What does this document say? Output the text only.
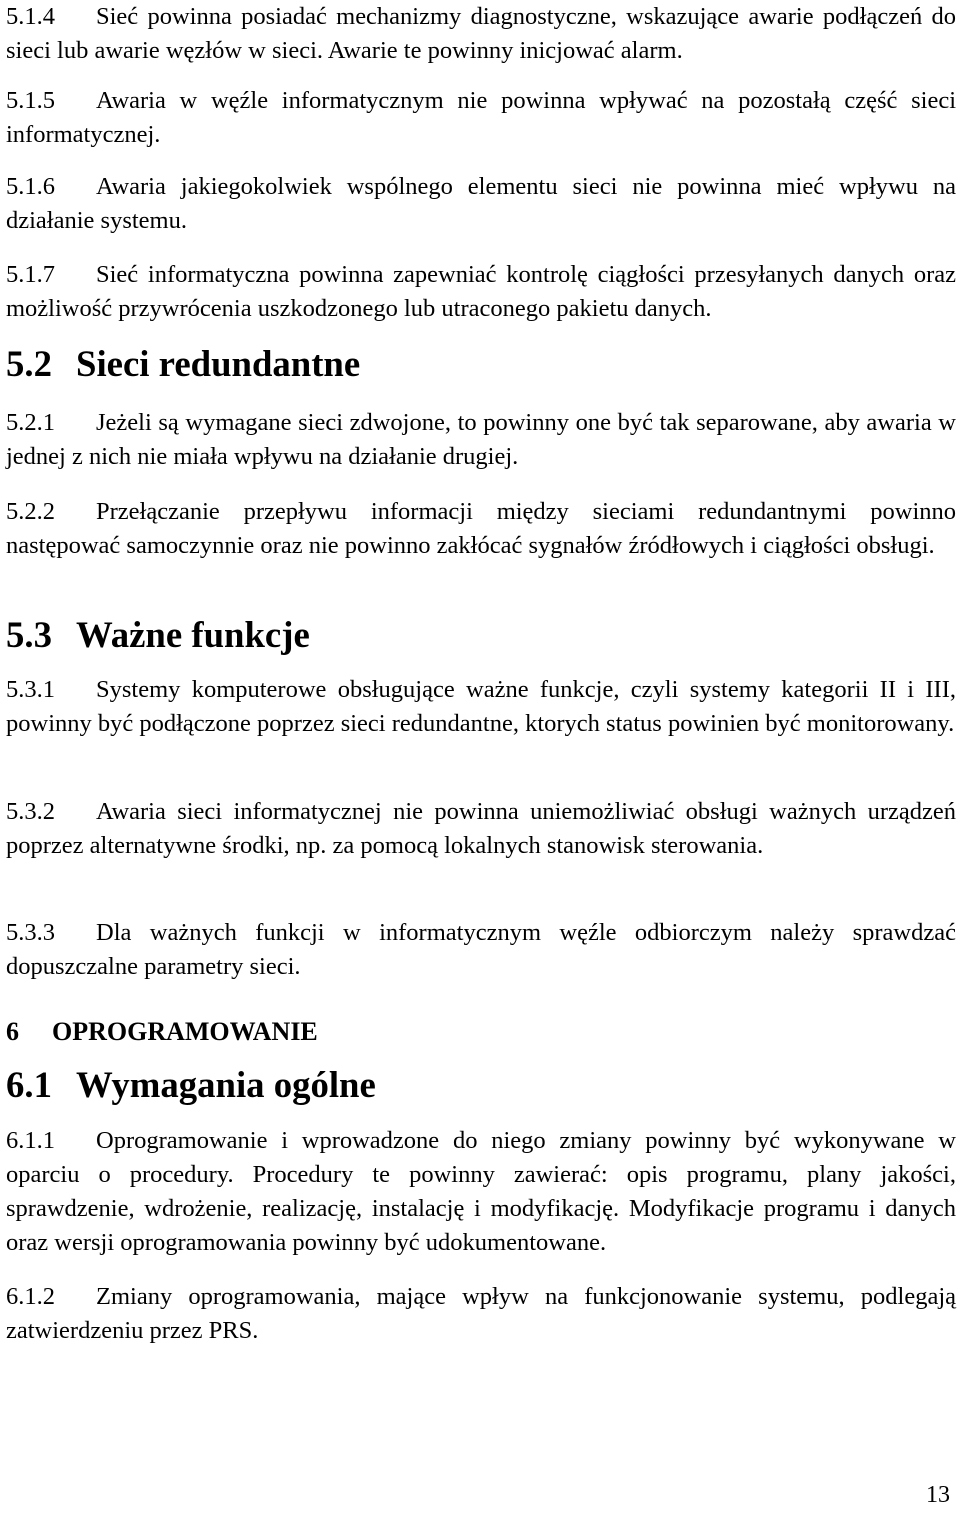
5.1.4 Sieć powinna posiadać mechanizmy diagnostyczne, wskazujące awarie podłączeń do sieci lub awarie węzłów w sieci. Awarie te powinny inicjować alarm.

5.1.5 Awaria w węźle informatycznym nie powinna wpływać na pozostałą część sieci informatycznej.

5.1.6 Awaria jakiegokolwiek wspólnego elementu sieci nie powinna mieć wpływu na działanie systemu.

5.1.7 Sieć informatyczna powinna zapewniać kontrolę ciągłości przesyłanych danych oraz możliwość przywrócenia uszkodzonego lub utraconego pakietu danych.

5.2 Sieci redundantne

5.2.1 Jeżeli są wymagane sieci zdwojone, to powinny one być tak separowane, aby awaria w jednej z nich nie miała wpływu na działanie drugiej.

5.2.2 Przełączanie przepływu informacji między sieciami redundantnymi powinno następować samoczynnie oraz nie powinno zakłócać sygnałów źródłowych i ciągłości obsługi.

5.3 Ważne funkcje

5.3.1 Systemy komputerowe obsługujące ważne funkcje, czyli systemy kategorii II i III, powinny być podłączone poprzez sieci redundantne, ktorych status powinien być monitorowany.

5.3.2 Awaria sieci informatycznej nie powinna uniemożliwiać obsługi ważnych urządzeń poprzez alternatywne środki, np. za pomocą lokalnych stanowisk sterowania.

5.3.3 Dla ważnych funkcji w informatycznym węźle odbiorczym należy sprawdzać dopuszczalne parametry sieci.

6 OPROGRAMOWANIE
6.1 Wymagania ogólne

6.1.1 Oprogramowanie i wprowadzone do niego zmiany powinny być wykonywane w oparciu o procedury. Procedury te powinny zawierać: opis programu, plany jakości, sprawdzenie, wdrożenie, realizację, instalację i modyfikację. Modyfikacje programu i danych oraz wersji oprogramowania powinny być udokumentowane.

6.1.2 Zmiany oprogramowania, mające wpływ na funkcjonowanie systemu, podlegają zatwierdzeniu przez PRS.

13
